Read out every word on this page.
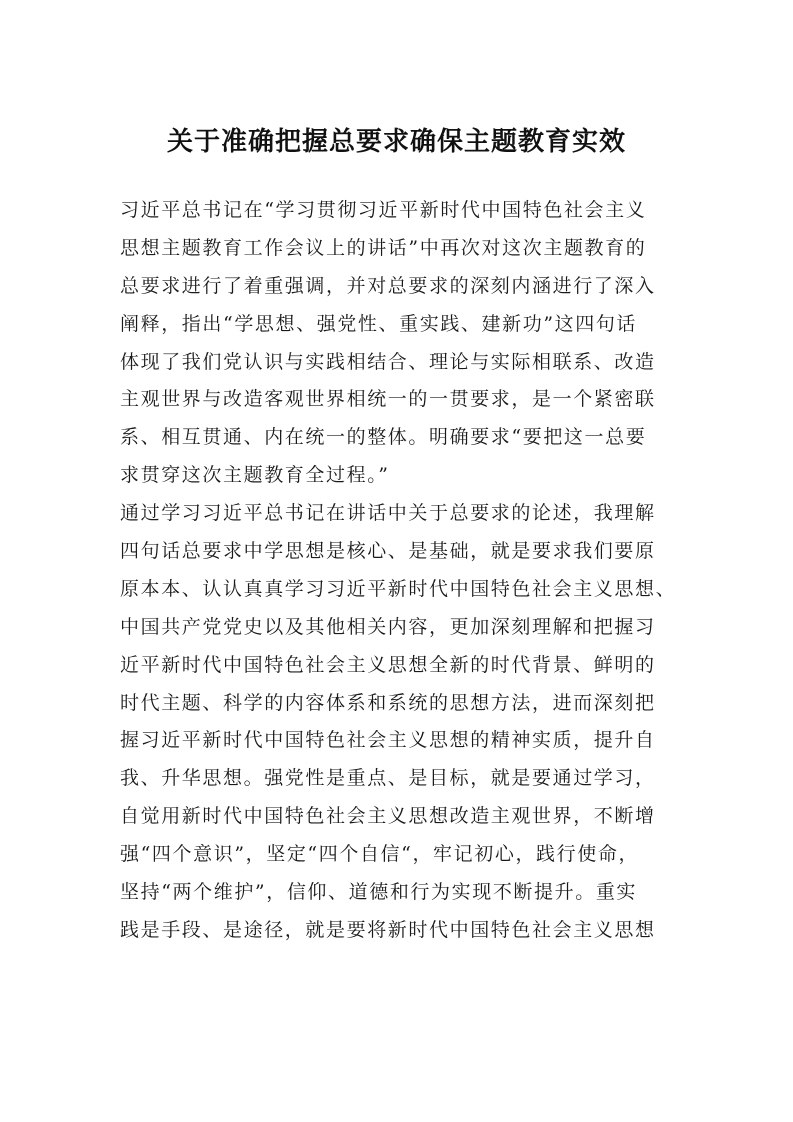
关于准确把握总要求确保主题教育实效
习近平总书记在“学习贯彻习近平新时代中国特色社会主义
思想主题教育工作会议上的讲话”中再次对这次主题教育的
总要求进行了着重强调，并对总要求的深刻内涵进行了深入
阐释，指出“学思想、强党性、重实践、建新功”这四句话
体现了我们党认识与实践相结合、理论与实际相联系、改造
主观世界与改造客观世界相统一的一贯要求，是一个紧密联
系、相互贯通、内在统一的整体。明确要求“要把这一总要
求贯穿这次主题教育全过程。”
通过学习习近平总书记在讲话中关于总要求的论述，我理解
四句话总要求中学思想是核心、是基础，就是要求我们要原
原本本、认认真真学习习近平新时代中国特色社会主义思想、
中国共产党党史以及其他相关内容，更加深刻理解和把握习
近平新时代中国特色社会主义思想全新的时代背景、鲜明的
时代主题、科学的内容体系和系统的思想方法，进而深刻把
握习近平新时代中国特色社会主义思想的精神实质，提升自
我、升华思想。强党性是重点、是目标，就是要通过学习，
自觉用新时代中国特色社会主义思想改造主观世界，不断增
强“四个意识”，坚定“四个自信“，牢记初心，践行使命，
坚持“两个维护”，信仰、道德和行为实现不断提升。重实
践是手段、是途径，就是要将新时代中国特色社会主义思想
